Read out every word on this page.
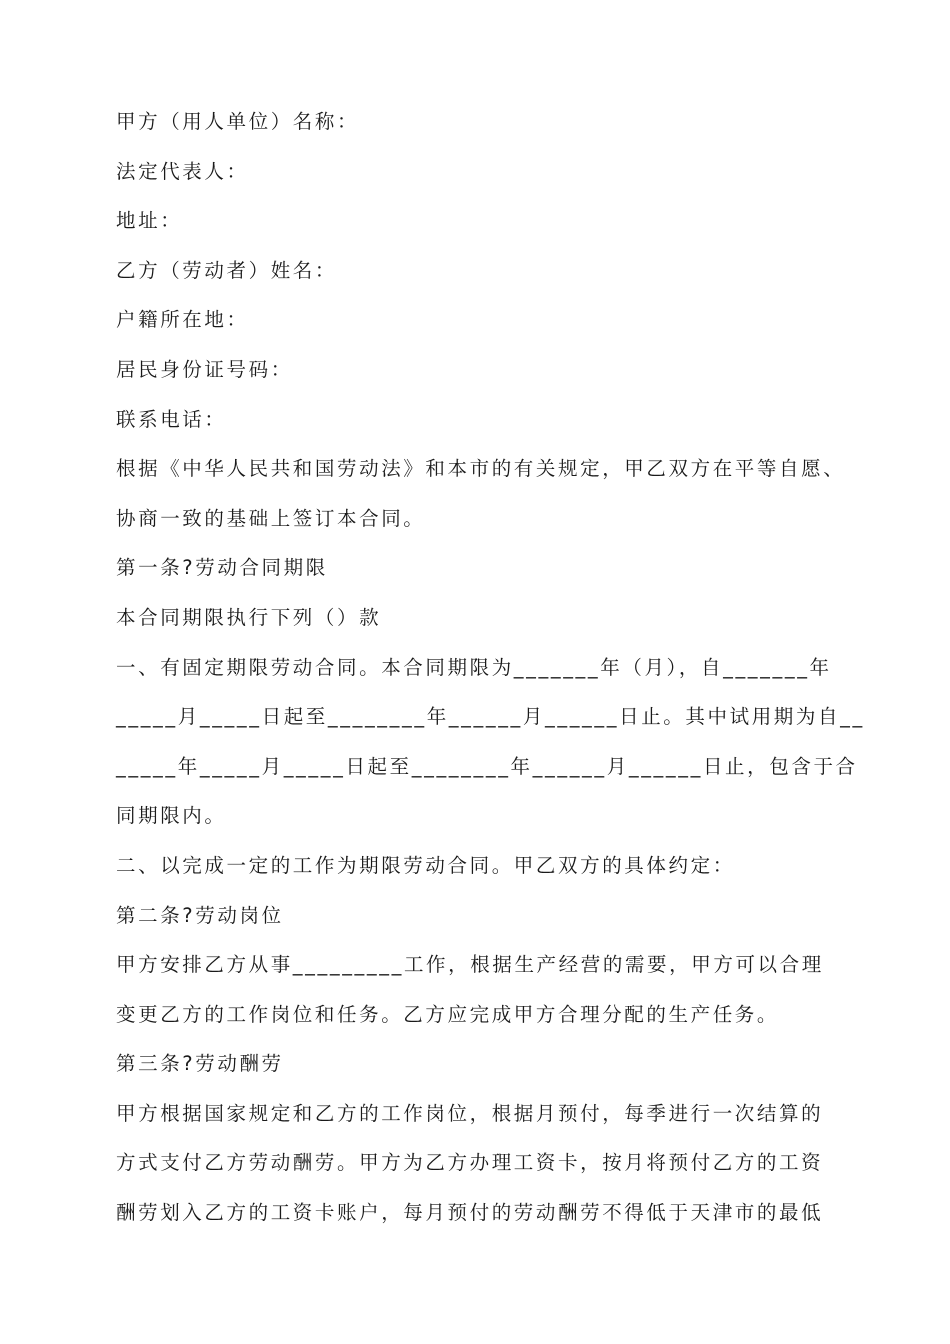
甲方（用人单位）名称：
法定代表人：
地址：
乙方（劳动者）姓名：
户籍所在地：
居民身份证号码：
联系电话：
根据《中华人民共和国劳动法》和本市的有关规定，甲乙双方在平等自愿、
协商一致的基础上签订本合同。
第一条?劳动合同期限
本合同期限执行下列（）款
一、有固定期限劳动合同。本合同期限为_______年（月），自_______年
_____月_____日起至________年______月______日止。其中试用期为自__
_____年_____月_____日起至________年______月______日止，包含于合
同期限内。
二、以完成一定的工作为期限劳动合同。甲乙双方的具体约定：
第二条?劳动岗位
甲方安排乙方从事_________工作，根据生产经营的需要，甲方可以合理
变更乙方的工作岗位和任务。乙方应完成甲方合理分配的生产任务。
第三条?劳动酬劳
甲方根据国家规定和乙方的工作岗位，根据月预付，每季进行一次结算的
方式支付乙方劳动酬劳。甲方为乙方办理工资卡，按月将预付乙方的工资
酬劳划入乙方的工资卡账户，每月预付的劳动酬劳不得低于天津市的最低
